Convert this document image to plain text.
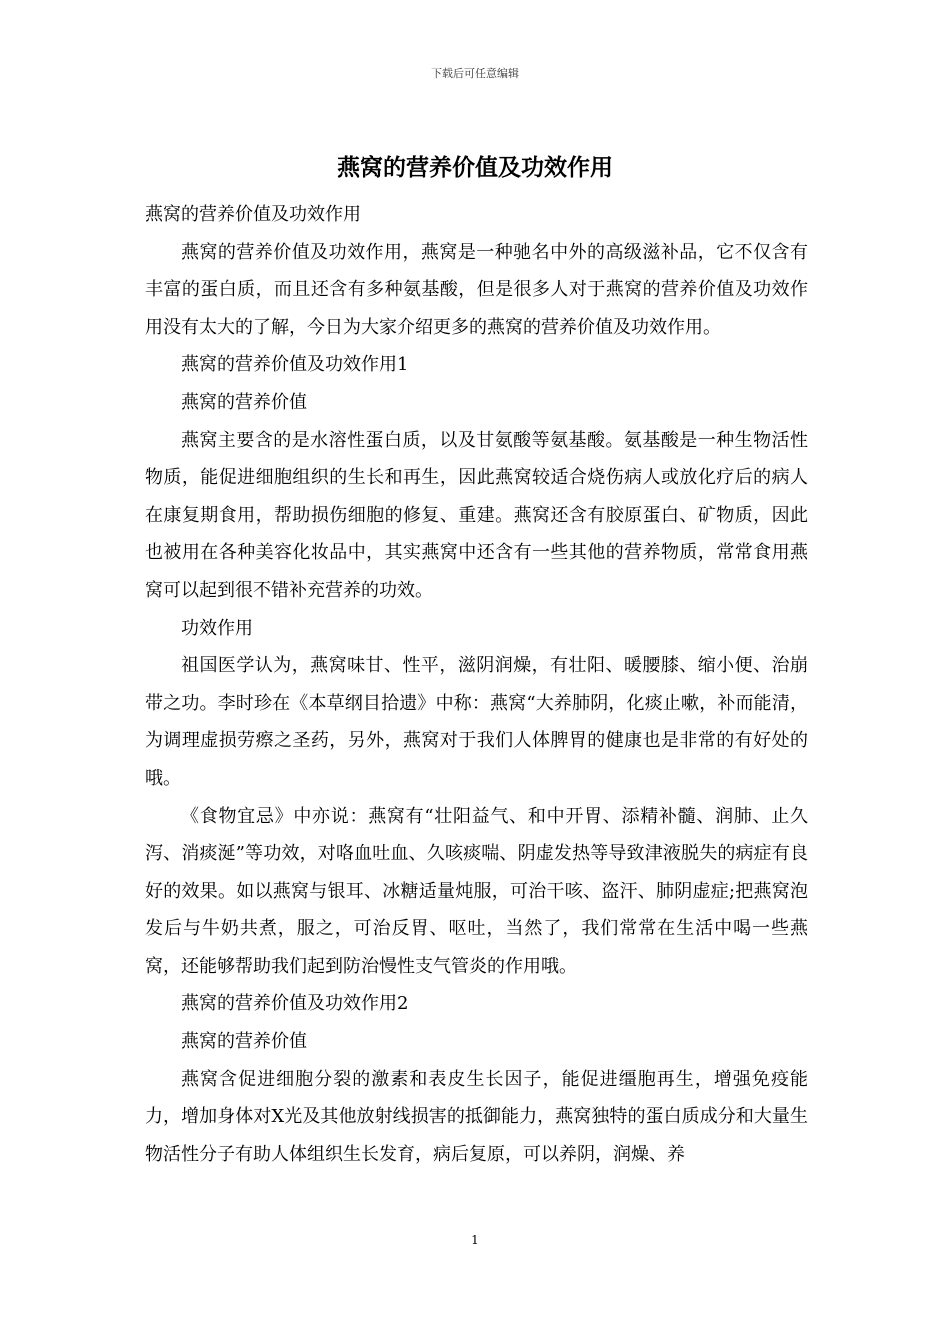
下载后可任意编辑
燕窝的营养价值及功效作用

燕窝的营养价值及功效作用

燕窝的营养价值及功效作用，燕窝是一种驰名中外的高级滋补品，它不仅含有丰富的蛋白质，而且还含有多种氨基酸，但是很多人对于燕窝的营养价值及功效作用没有太大的了解，今日为大家介绍更多的燕窝的营养价值及功效作用。

燕窝的营养价值及功效作用1

燕窝的营养价值

燕窝主要含的是水溶性蛋白质，以及甘氨酸等氨基酸。氨基酸是一种生物活性物质，能促进细胞组织的生长和再生，因此燕窝较适合烧伤病人或放化疗后的病人在康复期食用，帮助损伤细胞的修复、重建。燕窝还含有胶原蛋白、矿物质，因此也被用在各种美容化妆品中，其实燕窝中还含有一些其他的营养物质，常常食用燕窝可以起到很不错补充营养的功效。

功效作用

祖国医学认为，燕窝味甘、性平，滋阴润燥，有壮阳、暖腰膝、缩小便、治崩带之功。李时珍在《本草纲目拾遗》中称：燕窝“大养肺阴，化痰止嗽，补而能清，为调理虚损劳瘵之圣药，另外，燕窝对于我们人体脾胃的健康也是非常的有好处的哦。

《食物宜忌》中亦说：燕窝有“壮阳益气、和中开胃、添精补髓、润肺、止久泻、消痰涎”等功效，对咯血吐血、久咳痰喘、阴虚发热等导致津液脱失的病症有良好的效果。如以燕窝与银耳、冰糖适量炖服，可治干咳、盗汗、肺阴虚症;把燕窝泡发后与牛奶共煮，服之，可治反胃、呕吐，当然了，我们常常在生活中喝一些燕窝，还能够帮助我们起到防治慢性支气管炎的作用哦。

燕窝的营养价值及功效作用2

燕窝的营养价值

燕窝含促进细胞分裂的激素和表皮生长因子，能促进缰胞再生，增强免疫能力，增加身体对X光及其他放射线损害的抵御能力，燕窝独特的蛋白质成分和大量生物活性分子有助人体组织生长发育，病后复原，可以养阴，润燥、养

1
